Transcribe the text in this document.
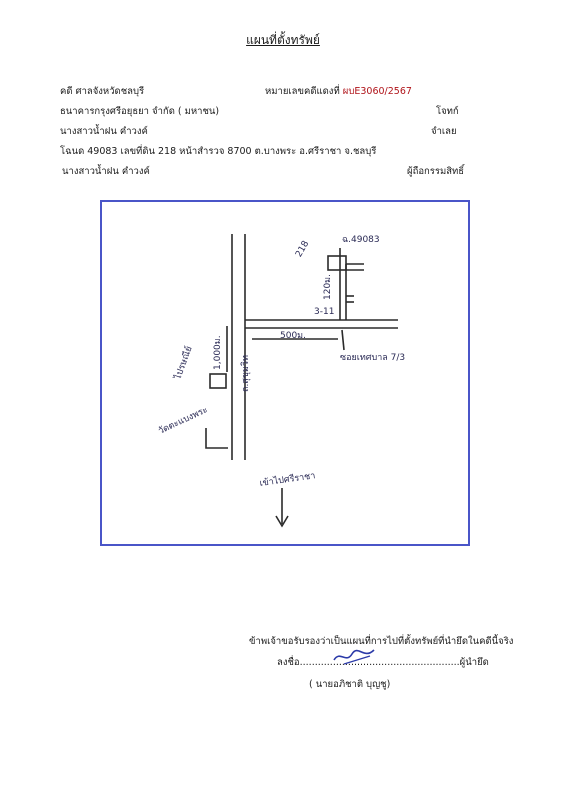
แผนที่ตั้งทรัพย์
คดี ศาลจังหวัดชลบุรี	หมายเลขคดีแดงที่ ผบE3060/2567
ธนาคารกรุงศรีอยุธยา จำกัด ( มหาชน)	โจทก์
นางสาวน้ำฝน คำวงค์	จำเลย
โฉนด 49083 เลขที่ดิน 218 หน้าสำรวจ 8700 ต.บางพระ อ.ศรีราชา จ.ชลบุรี
นางสาวน้ำฝน คำวงค์	ผู้ถือกรรมสิทธิ์
ฉ.49083
218
120ม.
3-11
500ม.
ซอยเทศบาล 7/3
ถ.สุขุมวิท
1,000ม.
ไปรษณีย์
วัดตะแบงพระ
เข้าไปศรีราชา
ข้าพเจ้าขอรับรองว่าเป็นแผนที่การไปที่ตั้งทรัพย์ที่นำยึดในคดีนี้จริง
ลงชื่อ.....................................................ผู้นำยึด
( นายอภิชาติ บุญชู)
